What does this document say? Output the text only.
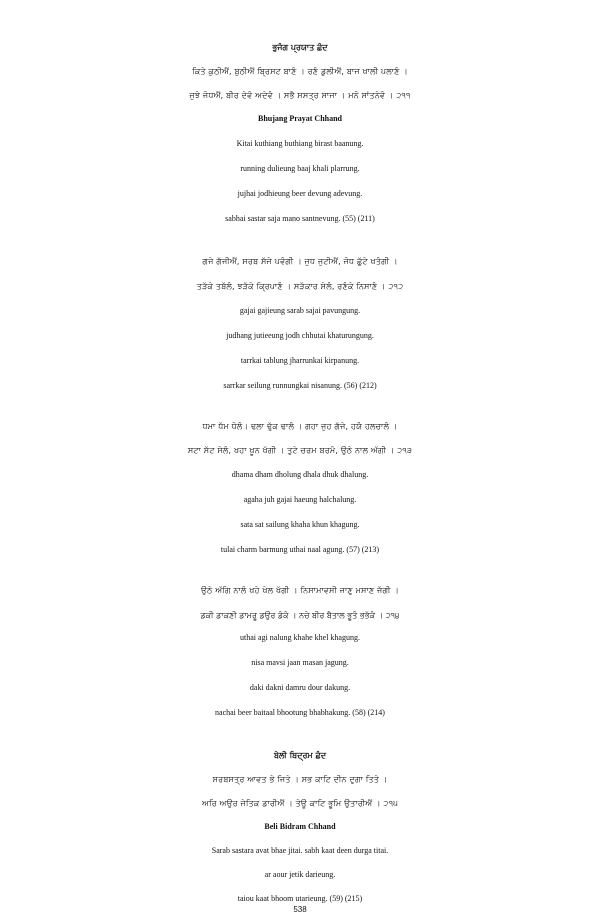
ਭੁਜੰਗ ਪ੍ਰਯਾਤ ਛੰਦ
ਕਿਤੇ ਕੁਠੀਐਂ, ਬੁਠੀਐਂ ਬ੍ਰਿਸਟ ਬਾਣੰ । ਰਣੰ ਡੁਲੀਐਂ, ਬਾਜ ਖਾਲੀ ਪਲਾਣੰ ।
ਜੁਝੇ ਜੋਧਐਂ, ਬੀਰ ਦੇਵੰ ਅਦੇਵੰ । ਸਭੈ ਸਸਤ੍ਰ ਸਾਜਾ । ਮਨੋ ਸਾਂਤਨੇਵੰ । ੨੧੧
Bhujang Prayat Chhand
Kitai kuthiang buthiang birast baanung.
running dulieung baaj khali plarrung.
jujhai jodhieung beer devung adevung.
sabhai sastar saja mano santnevung. (55) (211)
ਗਜੇ ਗੱਜੀਐਂ, ਸਰਬ ਸੱਜੇ ਪਵੰਗੀ । ਜੁਧ ਜੁਟੀਐਂ, ਜੋਧ ਛੁੱਟੇ ਖਤੰਗੀ ।
ਤੜੱਕੇ ਤਬੱਲੰ, ਝੜੱਕੇ ਕ੍ਰਿਪਾਣੰ । ਸੜੱਕਾਰ ਸੇਲੰ, ਰਣੰਕੇ ਨਿਸਾਣੰ । ੨੧੨
gajai gajieung sarab sajai pavungung.
judhang jutieeung jodh chhutai khaturungung.
tarrkai tablung jharrunkai kirpanung.
sarrkar seilung runnungkai nisanung. (56) (212)
ਧਮਾ ਧੱਮ ਧੋਲੰ। ਢਲਾ ਢੁੱਕ ਢਾਲੰ । ਗਹਾ ਜੁਹ ਗੱਜੇ, ਹਯੰ ਹਲਚਾਲੰ ।
ਸਟਾ ਸੱਟ ਸੇਲੰ, ਖਹਾ ਖੂਨ ਖੱਗੀ । ਤੁਟੇ ਚਰਮ ਬਰਮੰ, ਉਠੇ ਨਾਲ ਅੱਗੀ । ੨੧੩
dhama dham dholung dhala dhuk dhalung.
agaha juh gajai haeung halchalung.
sata sat sailung khaha khun khagung.
tulai charm barmung uthai naal agung. (57) (213)
ਉਠੇ ਅੱਗਿ ਨਾਲੰ ਖਹੇ ਖੇਲ ਖੱਗੀ । ਨਿਸਾਮਾਵਸੀ ਜਾਣੁ ਮਸਾਣ ਜੱਗੀ ।
ਡਕੀ ਡਾਕਣੀ ਡਾਮਰੂ ਡਉਰ ਡੰਕੰ । ਨਚੇ ਬੀਰ ਬੈਤਾਲ ਭੂਤੰ ਭਭੱਕੰ । ੨੧੪
uthai agi nalung khahe khel khagung.
nisa mavsi jaan masan jagung.
daki dakni damru dour dakung.
nachai beer baitaal bhootung bhabhakung. (58) (214)
ਬੇਲੀ ਬਿਦ੍ਰਮ ਛੰਦ
ਸਰਬਸਤ੍ਰ ਆਵਤ ਭੇ ਜਿਤੇ । ਸਭ ਕਾਟਿ ਦੀਨ ਦੁਗਾ ਤਿਤੇ ।
ਅਰਿ ਅਉਰ ਜੇਤਿਕ ਡਾਰੀਐਂ । ਤੇਊ ਕਾਟਿ ਭੂਮਿ ਉਤਾਰੀਐਂ । ੨੧੫
Beli Bidram Chhand
Sarab sastara avat bhae jitai. sabh kaat deen durga titai.
ar aour jetik darieung.
taiou kaat bhoom utarieung. (59) (215)
538
